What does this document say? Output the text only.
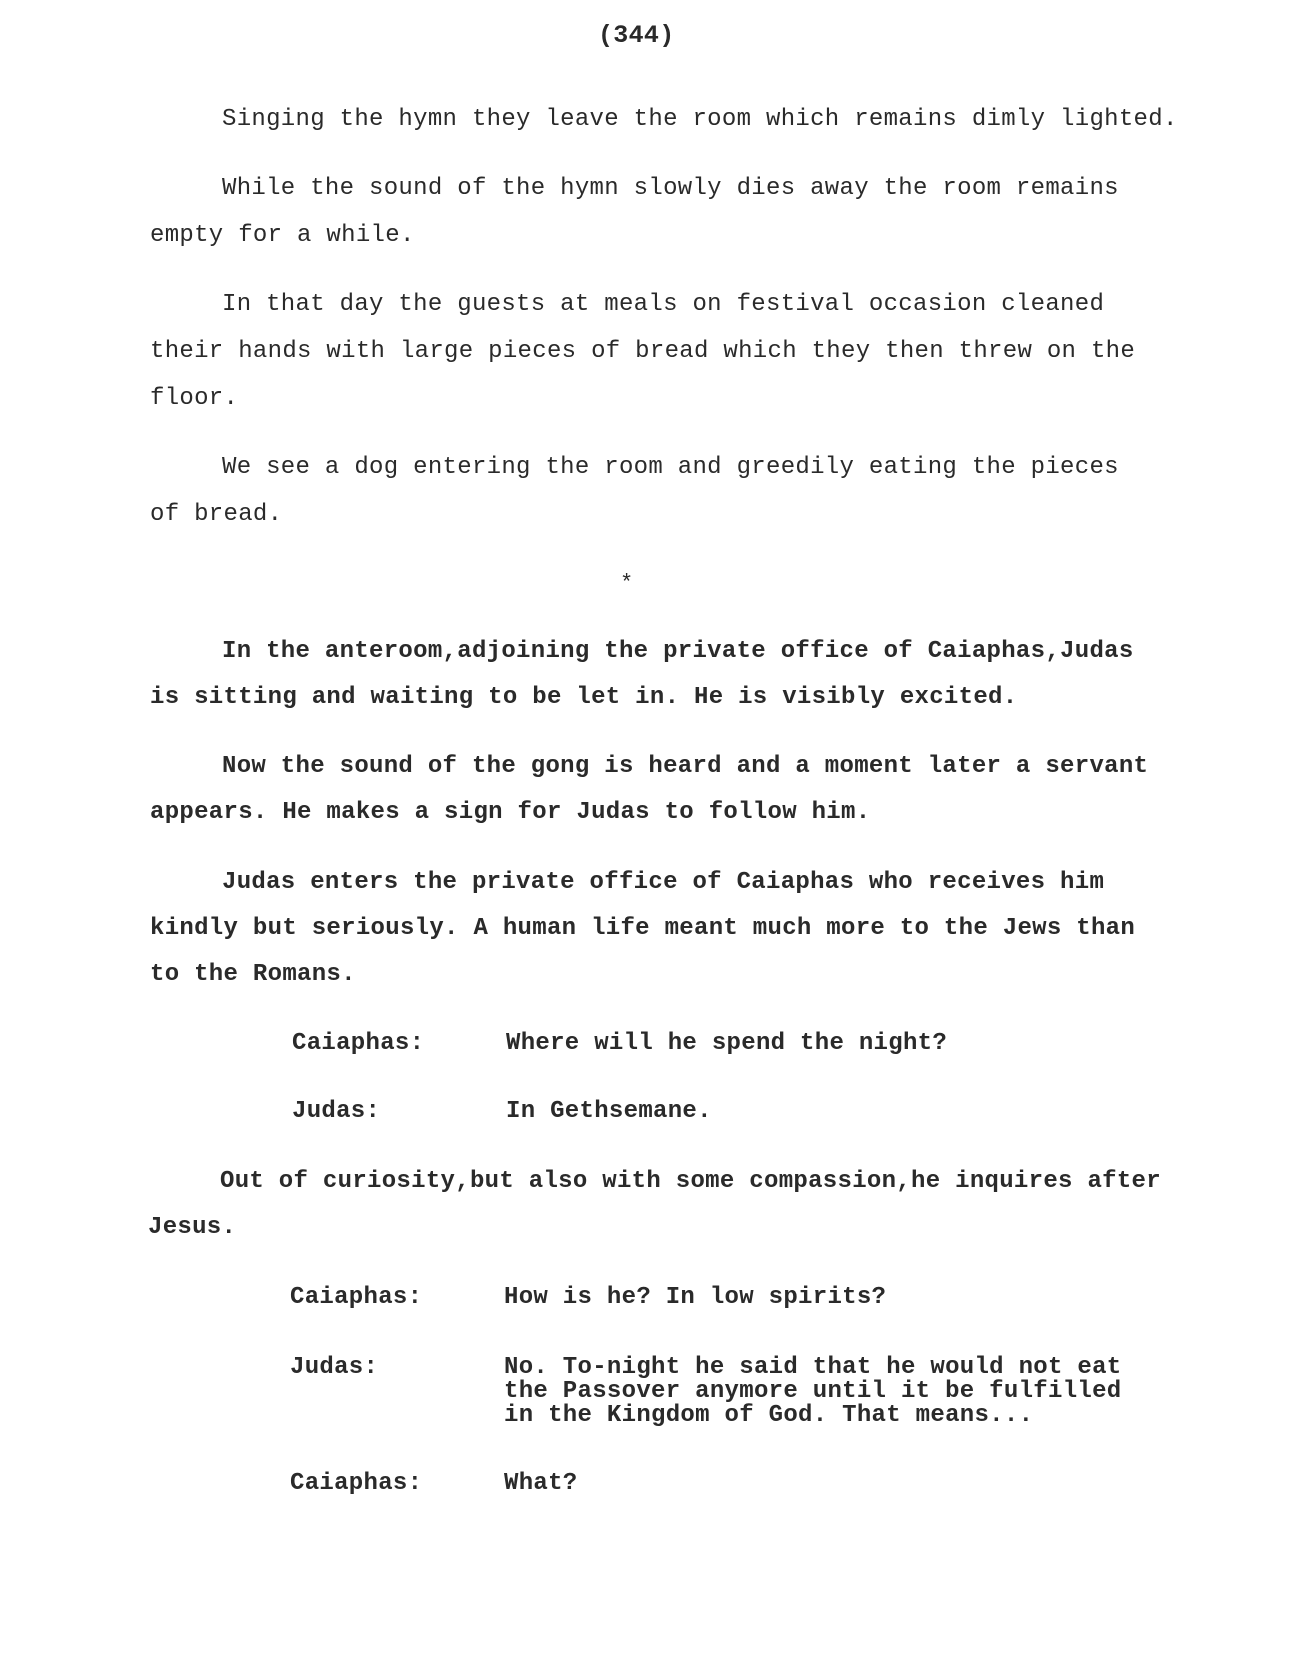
(344)
Singing the hymn they leave the room which remains dimly lighted.
While the sound of the hymn slowly dies away the room remains
empty for a while.
In that day the guests at meals on festival occasion cleaned
their hands with large pieces of bread which they then threw on the
floor.
We see a dog entering the room and greedily eating the pieces
of bread.
*
In the anteroom,adjoining the private office of Caiaphas,Judas
is sitting and waiting to be let in. He is visibly excited.
Now the sound of the gong is heard and a moment later a servant
appears. He makes a sign for Judas to follow him.
Judas enters the private office of Caiaphas who receives him
kindly but seriously. A human life meant much more to the Jews than
to the Romans.
Caiaphas:	Where will he spend the night?
Judas:	In Gethsemane.
Out of curiosity,but also with some compassion,he inquires after
Jesus.
Caiaphas:	How is he? In low spirits?
Judas:	No. To-night he said that he would not eat
the Passover anymore until it be fulfilled
in the Kingdom of God. That means...
Caiaphas:	What?
